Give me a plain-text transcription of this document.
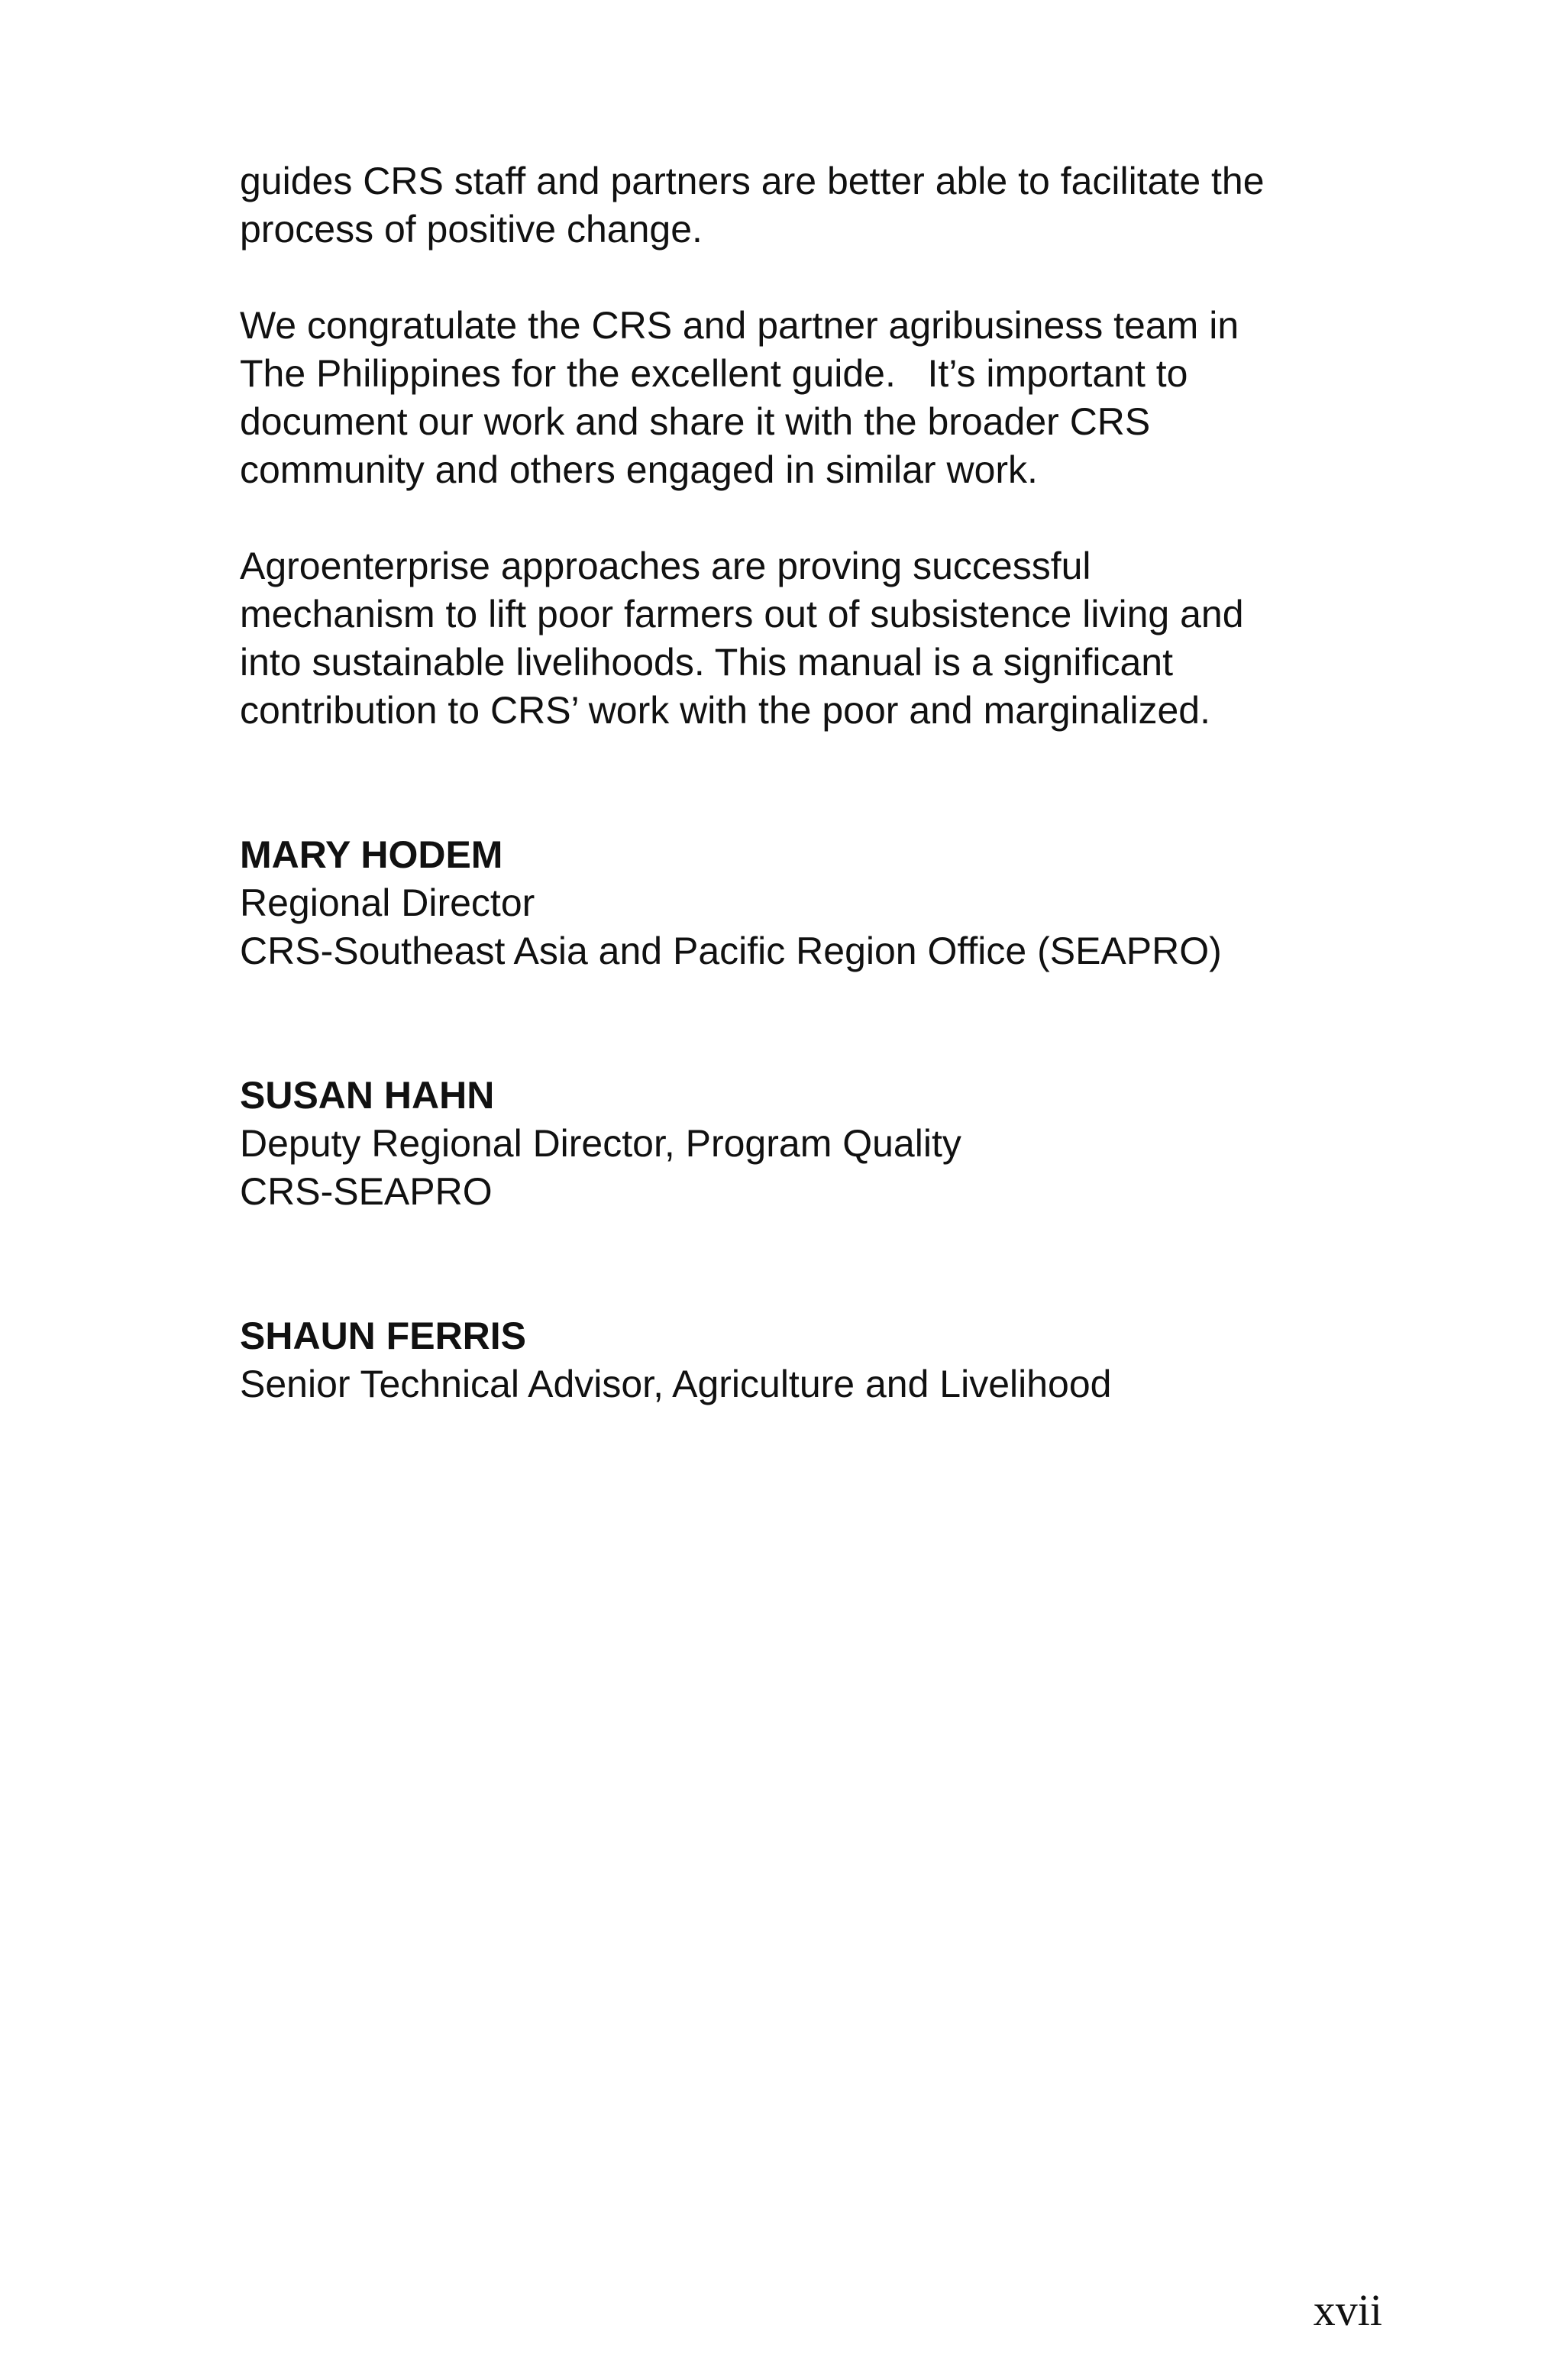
guides CRS staff and partners are better able to facilitate the
process of positive change.

We congratulate the CRS and partner agribusiness team in
The Philippines for the excellent guide.   It’s important to
document our work and share it with the broader CRS
community and others engaged in similar work.

Agroenterprise approaches are proving successful
mechanism to lift poor farmers out of subsistence living and
into sustainable livelihoods. This manual is a significant
contribution to CRS’ work with the poor and marginalized.

MARY HODEM
Regional Director
CRS-Southeast Asia and Pacific Region Office (SEAPRO)
SUSAN HAHN
Deputy Regional Director, Program Quality
CRS-SEAPRO
SHAUN FERRIS
Senior Technical Advisor, Agriculture and Livelihood
xvii
